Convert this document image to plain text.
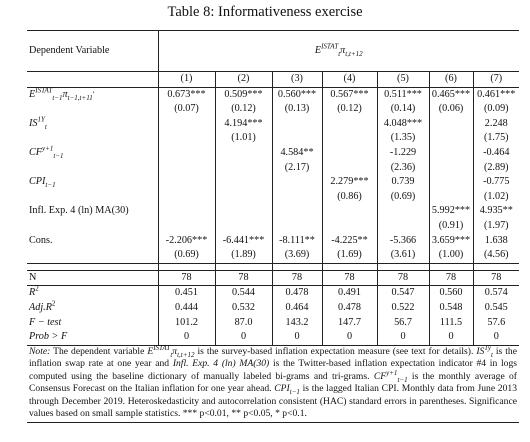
Table 8: Informativeness exercise
Dependent Variable	$E^{ISTAT}_t\pi_{t,t+12}$
	(1)	(2)	(3)	(4)	(5)	(6)	(7)
$E^{ISTAT}_{t-1}\pi_{t-1,t+11}^,$	0.673***	0.509***	0.560***	0.567***	0.511***	0.465***	0.461***
	(0.07)	(0.12)	(0.13)	(0.12)	(0.14)	(0.06)	(0.09)
$IS^{1Y}_t$		4.194***			4.048***		2.248
		(1.01)			(1.35)		(1.75)
$CF^{y+1}_{t-1}$			4.584**		-1.229		-0.464
			(2.17)		(2.36)		(2.89)
$CPI_{t-1}$				2.279***	0.739		-0.775
				(0.86)	(0.69)		(1.02)
Infl. Exp. 4 (ln) MA(30)						5.992***	4.935**
						(0.91)	(1.97)
Cons.	-2.206***	-6.441***	-8.111**	-4.225**	-5.366	3.659***	1.638
	(0.69)	(1.89)	(3.69)	(1.69)	(3.61)	(1.00)	(4.56)

N	78	78	78	78	78	78	78
$R^2$	0.451	0.544	0.478	0.491	0.547	0.560	0.574
$Adj.R^2$	0.444	0.532	0.464	0.478	0.522	0.548	0.545
F − test	101.2	87.0	143.2	147.7	56.7	111.5	57.6
Prob > F	0	0	0	0	0	0	0
Note: The dependent variable $E^{ISTAT}_t\pi_{t,t+12}$ is the survey-based inflation expectation measure (see text for details). $IS^{1y}_t$ is the inflation swap rate at one year and Infl. Exp. 4 (ln) MA(30) is the Twitter-based inflation expectation indicator #4 in logs computed using the baseline dictionary of manually labeled bi-grams and tri-grams. $CF^{y+1}_{t-1}$ is the monthly average of Consensus Forecast on the Italian inflation for one year ahead. $CPI_{t-1}$ is the lagged Italian CPI. Monthly data from June 2013 through December 2019. Heteroskedasticity and autocorrelation consistent (HAC) standard errors in parentheses. Significance values based on small sample statistics. *** p<0.01, ** p<0.05, * p<0.1.
